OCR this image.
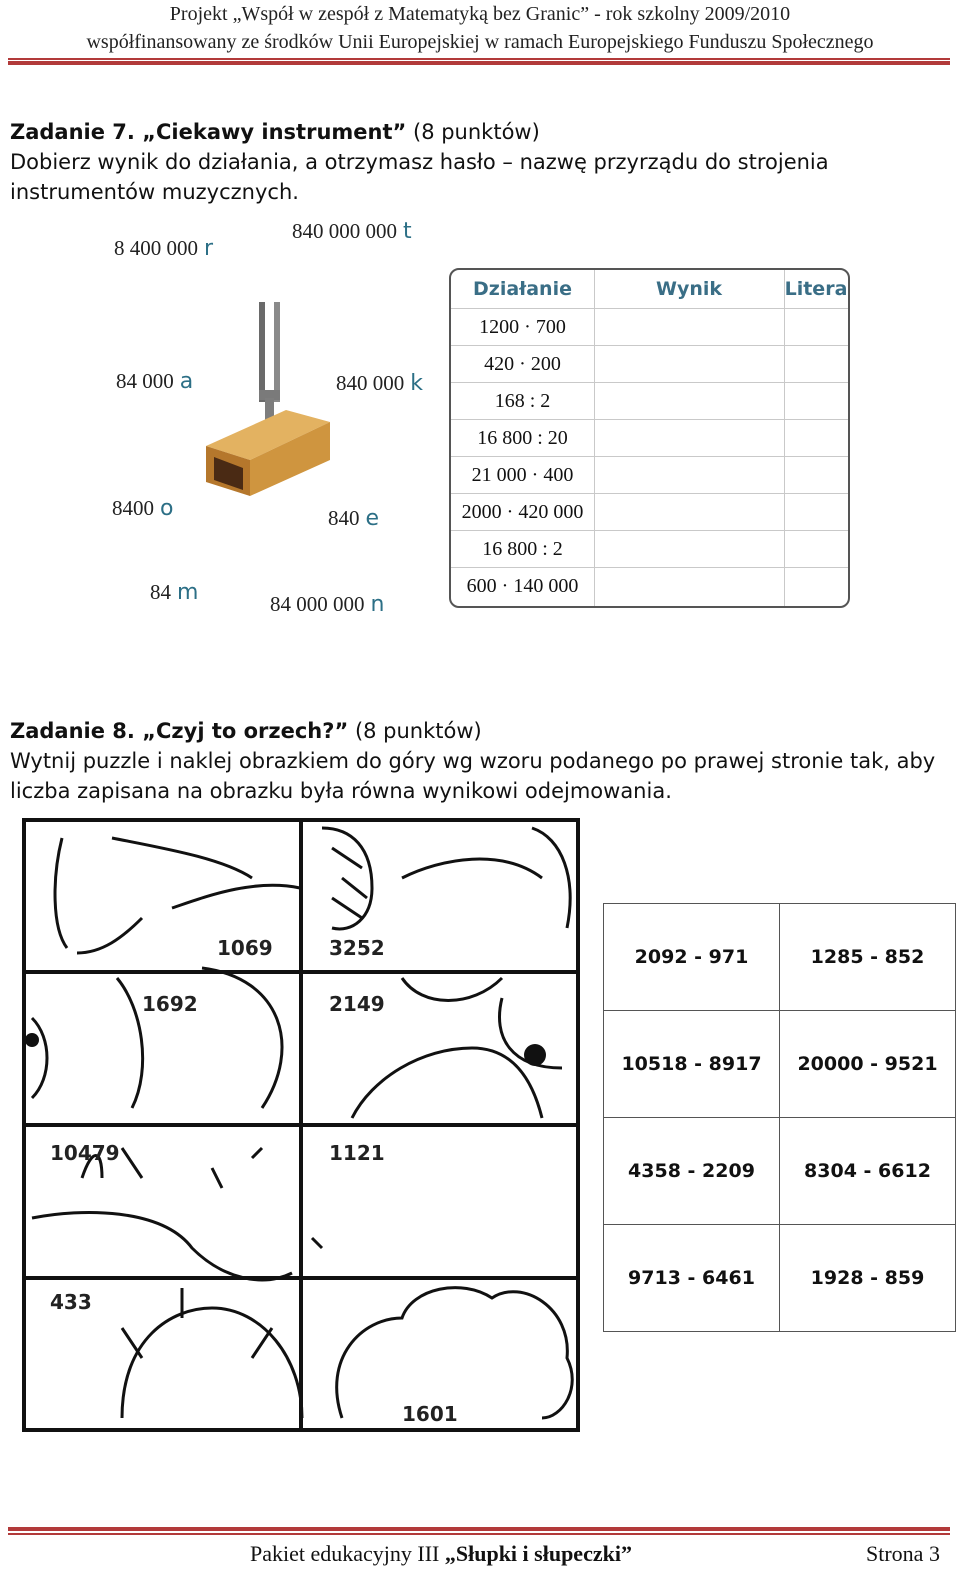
Projekt „Współ w zespół z Matematyką bez Granic” - rok szkolny 2009/2010
współfinansowany ze środków Unii Europejskiej w ramach Europejskiego Funduszu Społecznego
Zadanie 7. „Ciekawy instrument” (8 punktów)
Dobierz wynik do działania, a otrzymasz hasło – nazwę przyrządu do strojenia instrumentów muzycznych.
8 400 000 r
840 000 000 t
84 000 a	840 000 k
8400 o	840 e
84 m	84 000 000 n
Działanie	Wynik	Litera
1200 · 700
420 · 200
168 : 2
16 800 : 20
21 000 · 400
2000 · 420 000
16 800 : 2
600 · 140 000
Zadanie 8. „Czyj to orzech?” (8 punktów)
Wytnij puzzle i naklej obrazkiem do góry wg wzoru podanego po prawej stronie tak, aby liczba zapisana na obrazku była równa wynikowi odejmowania.
1069	3252
1692	2149
10479	1121
433
1601
2092 - 971	1285 - 852
10518 - 8917	20000 - 9521
4358 - 2209	8304 - 6612
9713 - 6461	1928 - 859
Pakiet edukacyjny III „Słupki i słupeczki”	Strona 3
